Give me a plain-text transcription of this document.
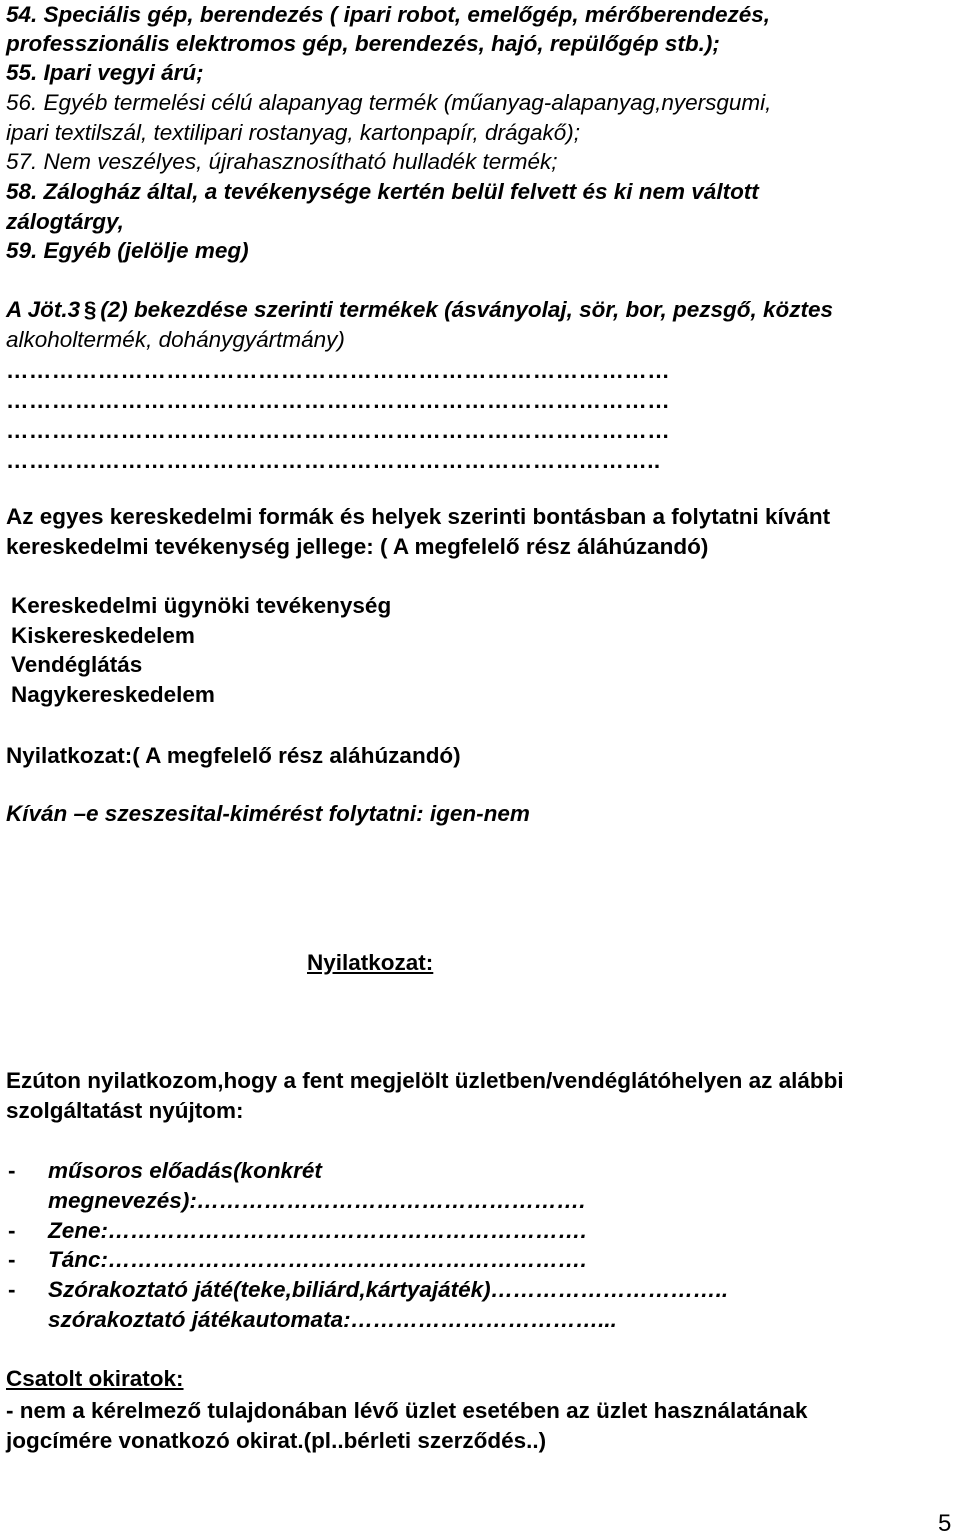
54. Speciális gép, berendezés ( ipari robot, emelőgép, mérőberendezés,
professzionális elektromos gép, berendezés, hajó, repülőgép stb.);
55. Ipari vegyi árú;
56. Egyéb termelési célú alapanyag termék (műanyag-alapanyag,nyersgumi,
ipari textilszál, textilipari rostanyag, kartonpapír, drágakő);
57. Nem veszélyes, újrahasznosítható hulladék termék;
58. Zálogház által, a tevékenysége kertén belül felvett és ki nem váltott
zálogtárgy,
59. Egyéb (jelölje meg)
A Jöt.3 § (2) bekezdése szerinti termékek (ásványolaj, sör, bor, pezsgő, köztes
alkoholtermék, dohánygyártmány)
……………………………………………………………………………
……………………………………………………………………………
……………………………………………………………………………
…………………………………………………………………………..
Az egyes kereskedelmi formák és helyek szerinti bontásban a folytatni kívánt
kereskedelmi tevékenység jellege: ( A megfelelő rész áláhúzandó)
Kereskedelmi ügynöki tevékenység
Kiskereskedelem
Vendéglátás
Nagykereskedelem
Nyilatkozat:( A megfelelő rész aláhúzandó)
Kíván –e szeszesital-kimérést folytatni: igen-nem
Nyilatkozat:
Ezúton nyilatkozom,hogy a fent megjelölt üzletben/vendéglátóhelyen az alábbi
szolgáltatást nyújtom:
- műsoros előadás(konkrét
megnevezés):…………………………………………….
- Zene:……………………………………………………….
- Tánc:……………………………………………………….
- Szórakoztató játé(teke,biliárd,kártyajáték)…………………………..
szórakoztató játékautomata:……………………………...
Csatolt okiratok:
- nem a kérelmező tulajdonában lévő üzlet esetében az üzlet használatának
jogcímére vonatkozó okirat.(pl..bérleti szerződés..)
5
